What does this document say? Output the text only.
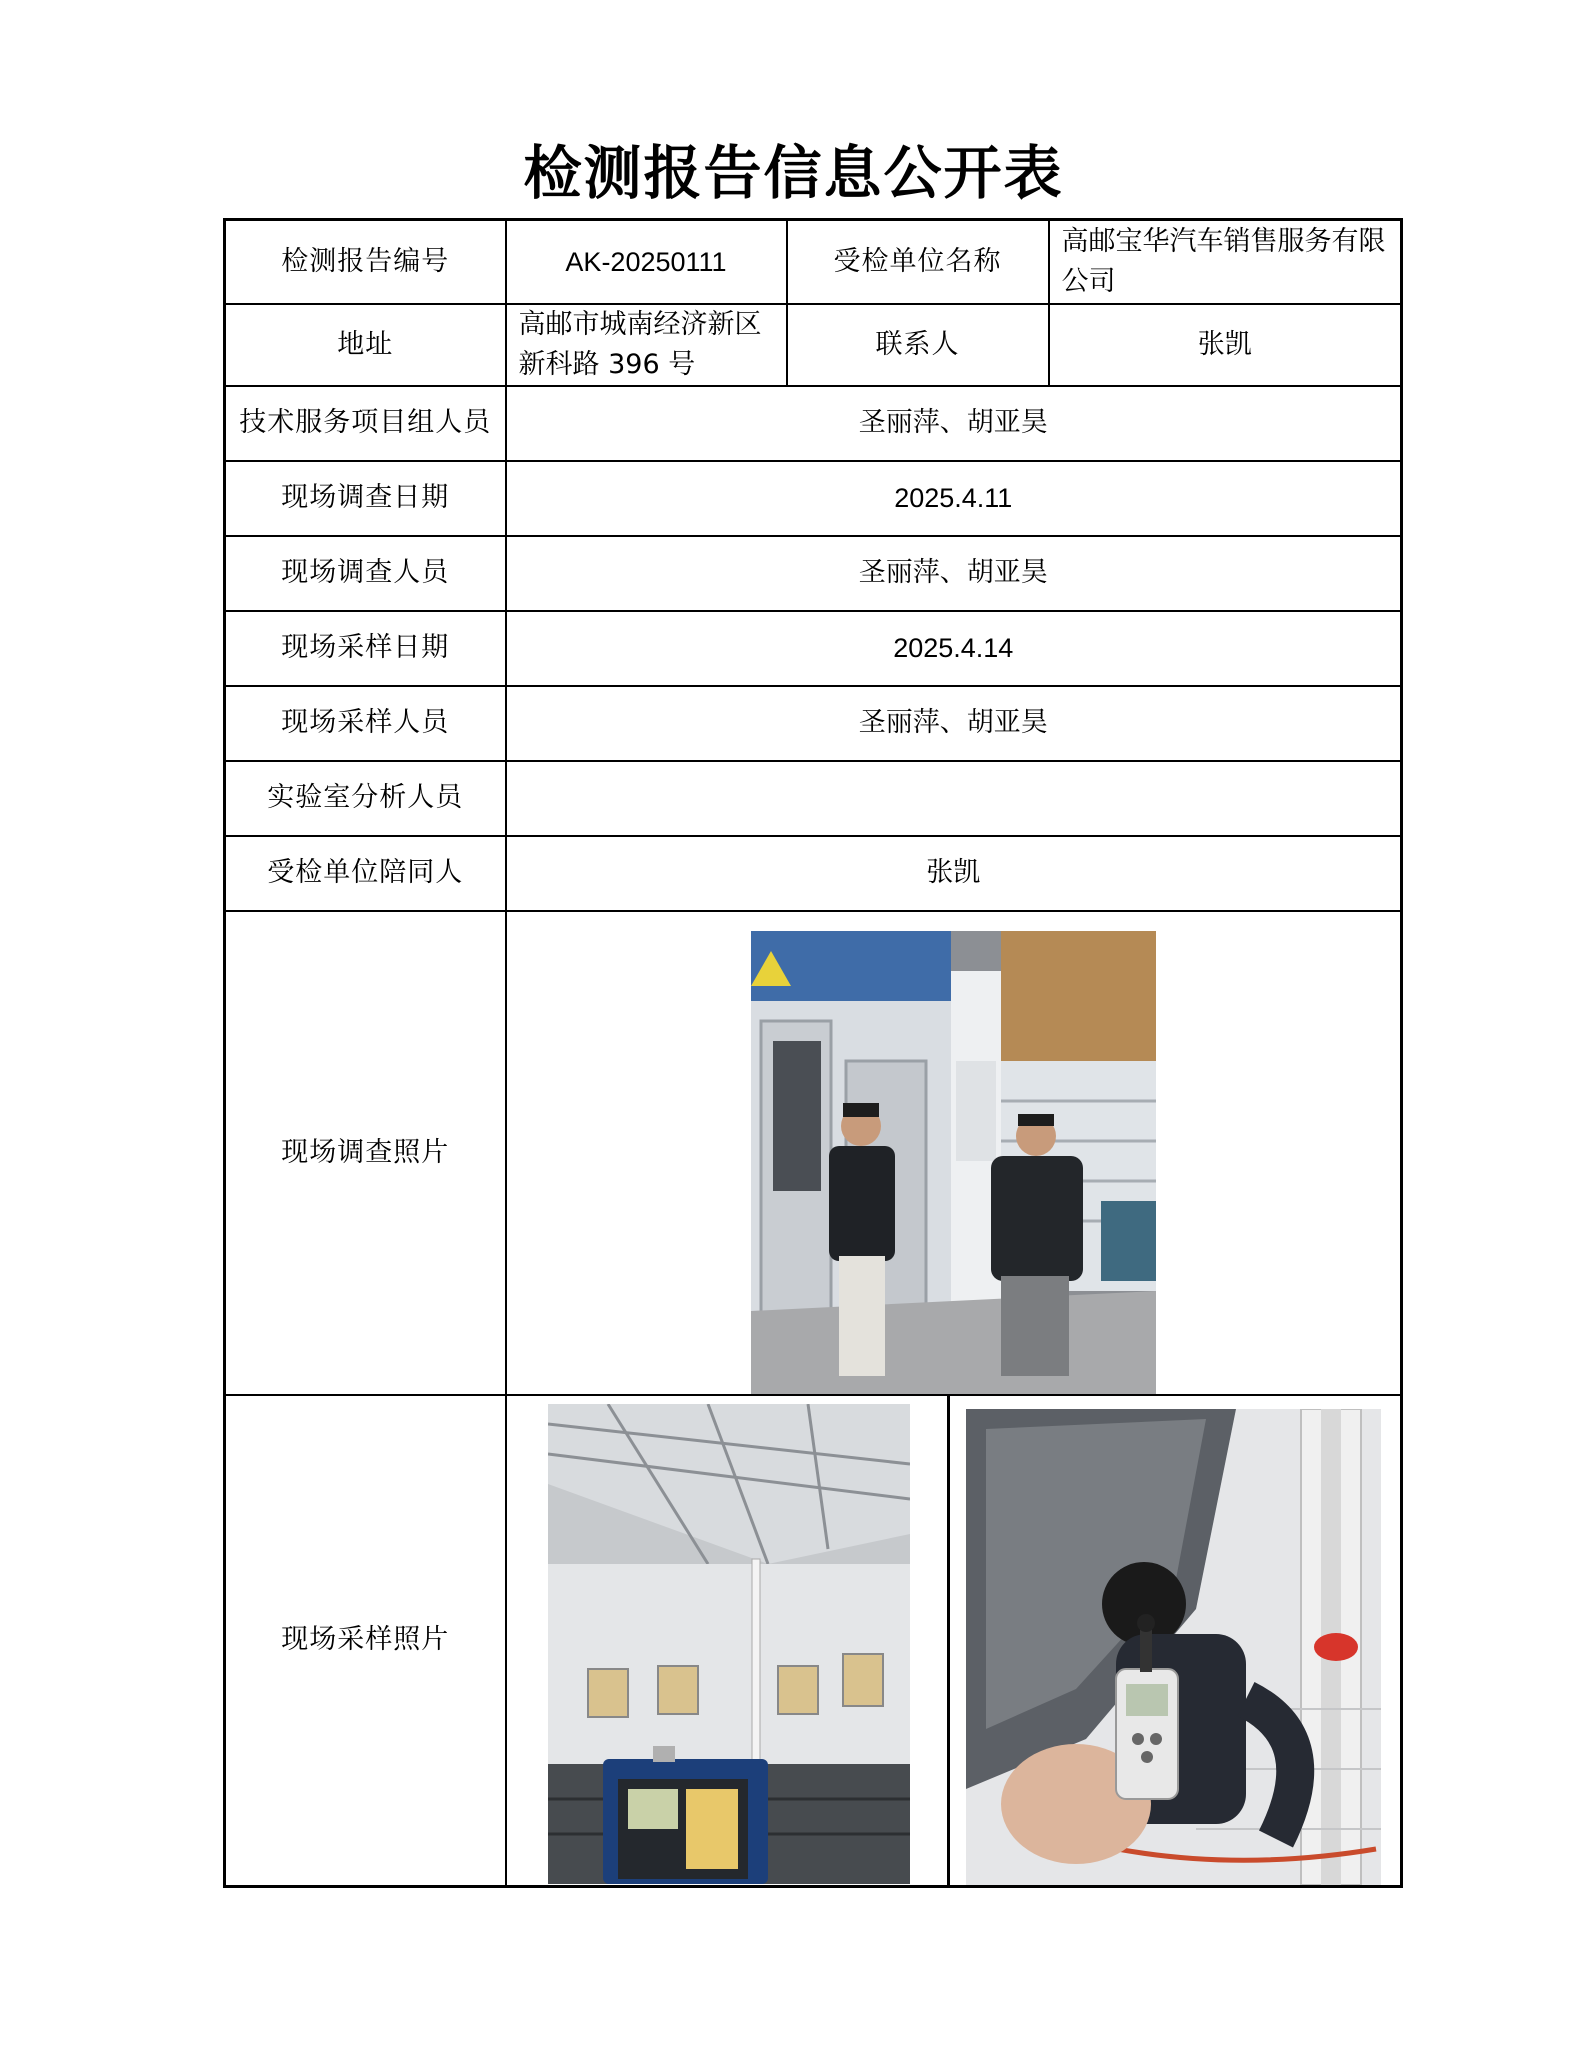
检测报告信息公开表
检测报告编号	AK-20250111	受检单位名称	高邮宝华汽车销售服务有限公司
地址	高邮市城南经济新区新科路 396 号	联系人	张凯
技术服务项目组人员	圣丽萍、胡亚昊		
现场调查日期	2025.4.11		
现场调查人员	圣丽萍、胡亚昊		
现场采样日期	2025.4.14		
现场采样人员	圣丽萍、胡亚昊		
实验室分析人员			
受检单位陪同人	张凯		
现场调查照片	

现场采样照片	
